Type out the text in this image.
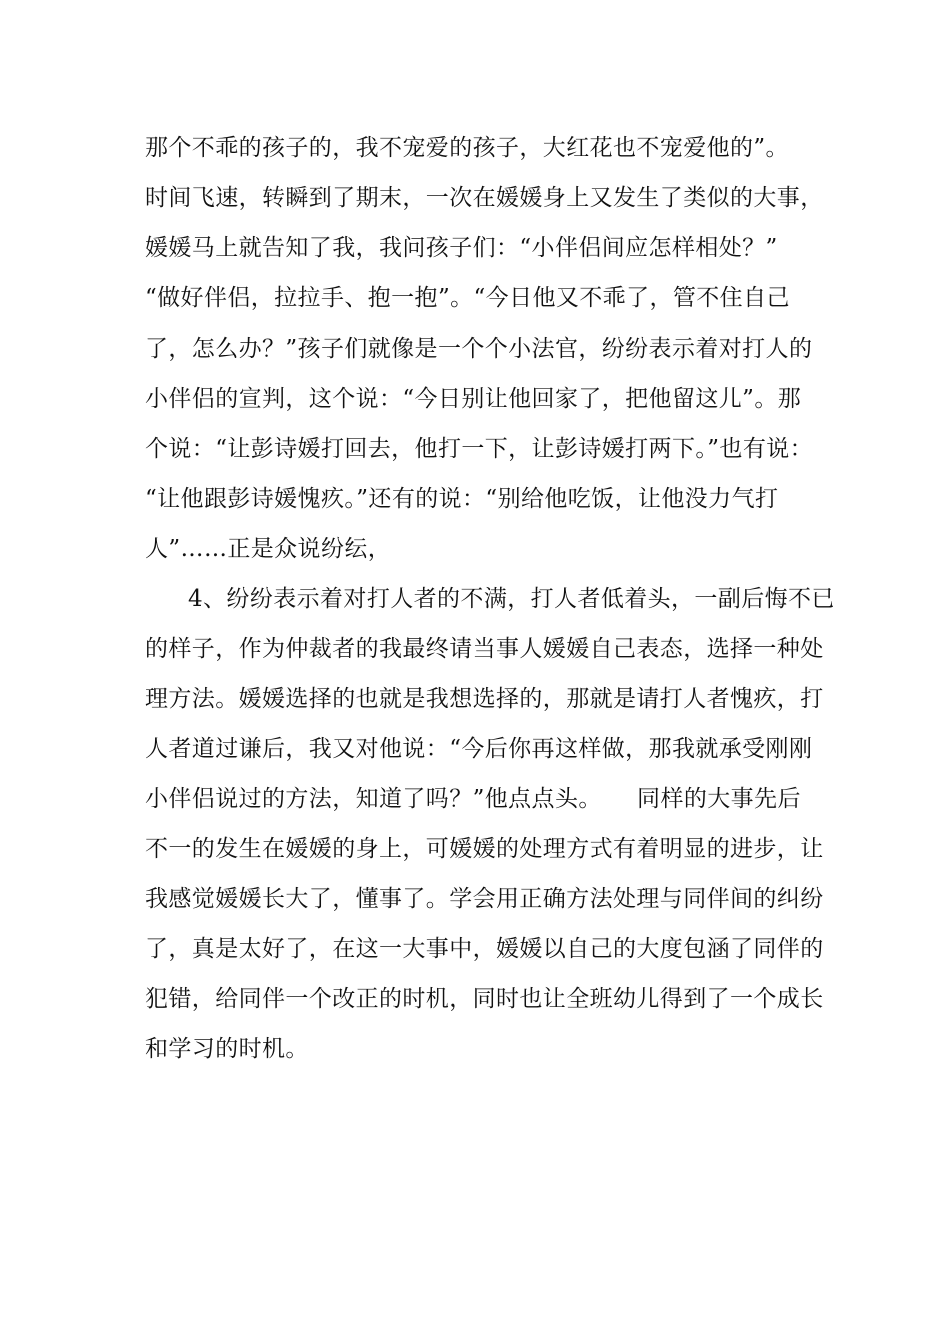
那个不乖的孩子的，我不宠爱的孩子，大红花也不宠爱他的”。
时间飞速，转瞬到了期末，一次在媛媛身上又发生了类似的大事，
媛媛马上就告知了我，我问孩子们：“小伴侣间应怎样相处？”
“做好伴侣，拉拉手、抱一抱”。“今日他又不乖了，管不住自己
了，怎么办？”孩子们就像是一个个小法官，纷纷表示着对打人的
小伴侣的宣判，这个说：“今日别让他回家了，把他留这儿”。那
个说：“让彭诗媛打回去，他打一下，让彭诗媛打两下。”也有说：
“让他跟彭诗媛愧疚。”还有的说：“别给他吃饭，让他没力气打
人”……正是众说纷纭，
4、纷纷表示着对打人者的不满，打人者低着头，一副后悔不已
的样子，作为仲裁者的我最终请当事人媛媛自己表态，选择一种处
理方法。媛媛选择的也就是我想选择的，那就是请打人者愧疚，打
人者道过谦后，我又对他说：“今后你再这样做，那我就承受刚刚
小伴侣说过的方法，知道了吗？”他点点头。　　同样的大事先后
不一的发生在媛媛的身上，可媛媛的处理方式有着明显的进步，让
我感觉媛媛长大了，懂事了。学会用正确方法处理与同伴间的纠纷
了，真是太好了，在这一大事中，媛媛以自己的大度包涵了同伴的
犯错，给同伴一个改正的时机，同时也让全班幼儿得到了一个成长
和学习的时机。
